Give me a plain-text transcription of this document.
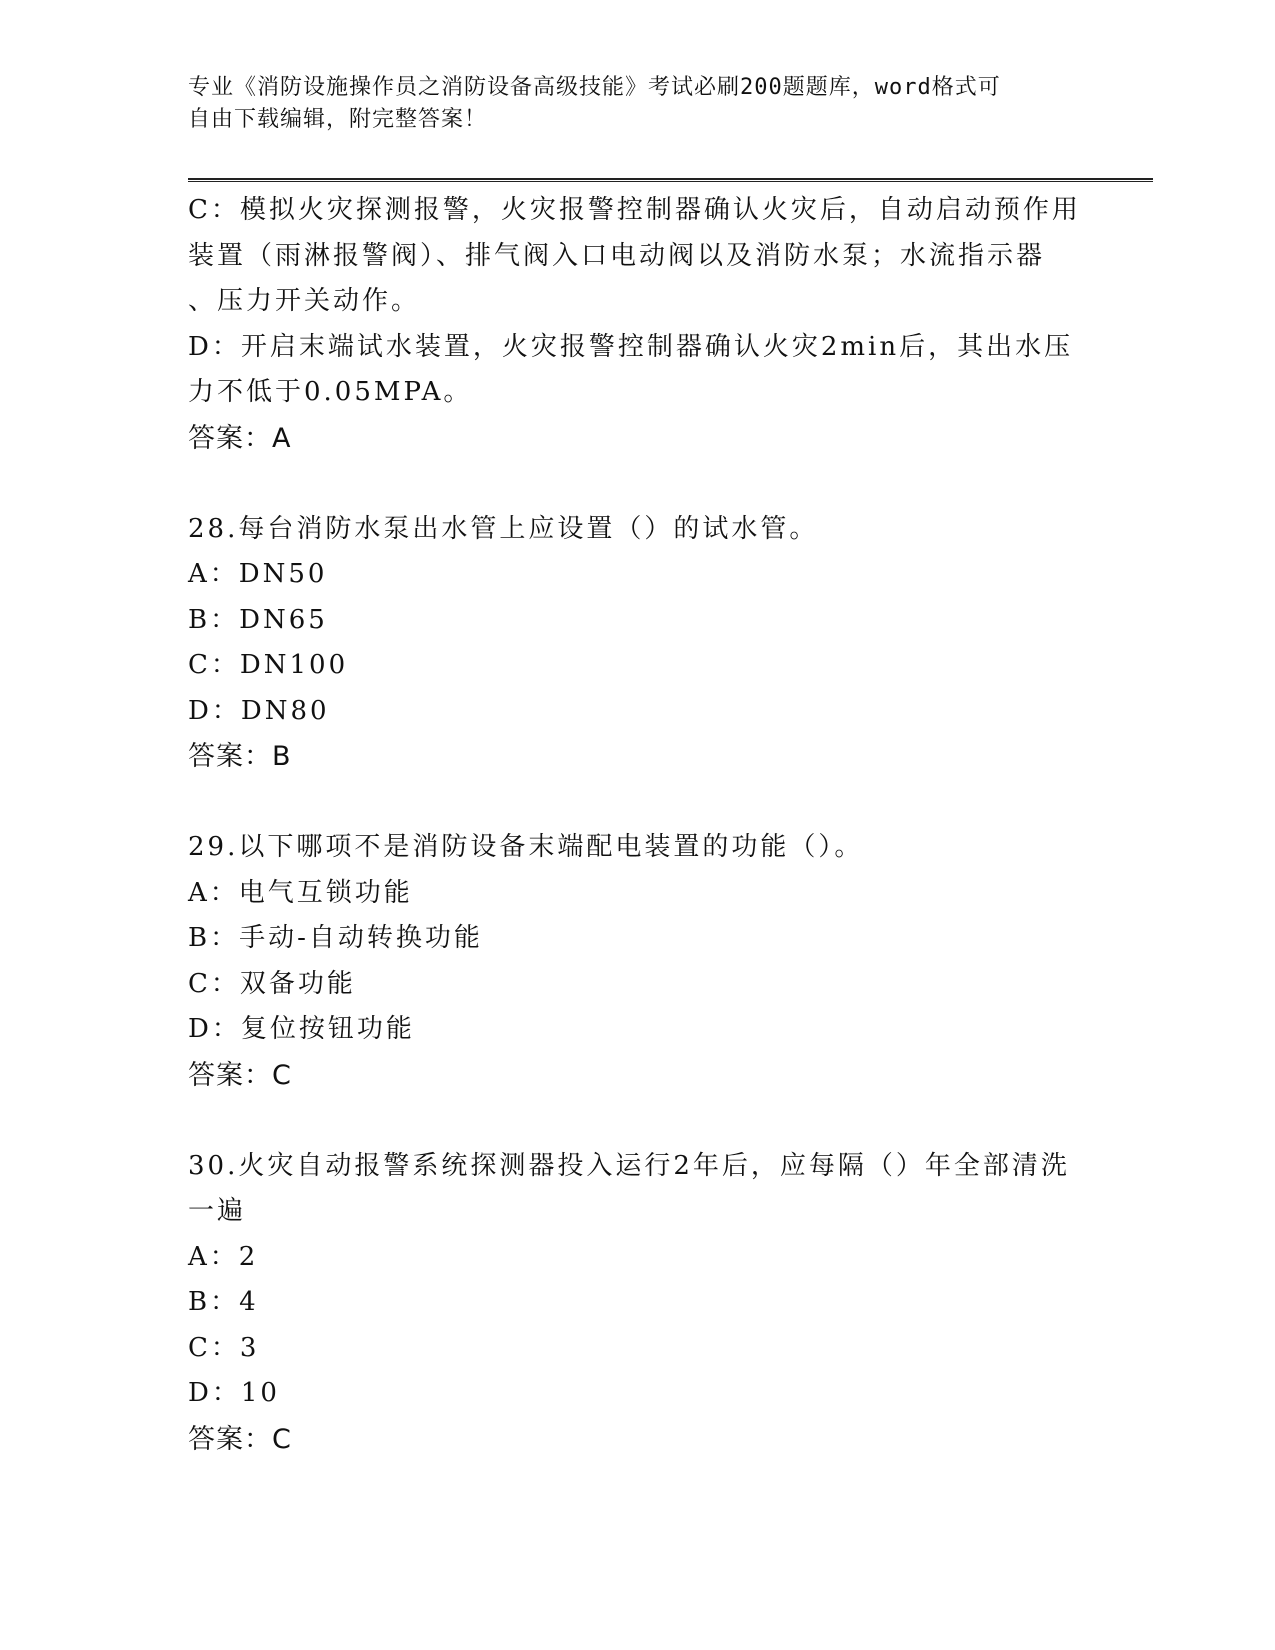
专业《消防设施操作员之消防设备高级技能》考试必刷200题题库，word格式可
自由下载编辑，附完整答案！
C：模拟火灾探测报警，火灾报警控制器确认火灾后，自动启动预作用
装置（雨淋报警阀）、排气阀入口电动阀以及消防水泵；水流指示器
、压力开关动作。
D：开启末端试水装置，火灾报警控制器确认火灾2min后，其出水压
力不低于0.05MPA。
答案：A
28.每台消防水泵出水管上应设置（）的试水管。
A：DN50
B：DN65
C：DN100
D：DN80
答案：B
29.以下哪项不是消防设备末端配电装置的功能（）。
A：电气互锁功能
B：手动-自动转换功能
C：双备功能
D：复位按钮功能
答案：C
30.火灾自动报警系统探测器投入运行2年后，应每隔（）年全部清洗
一遍
A：2
B：4
C：3
D：10
答案：C
